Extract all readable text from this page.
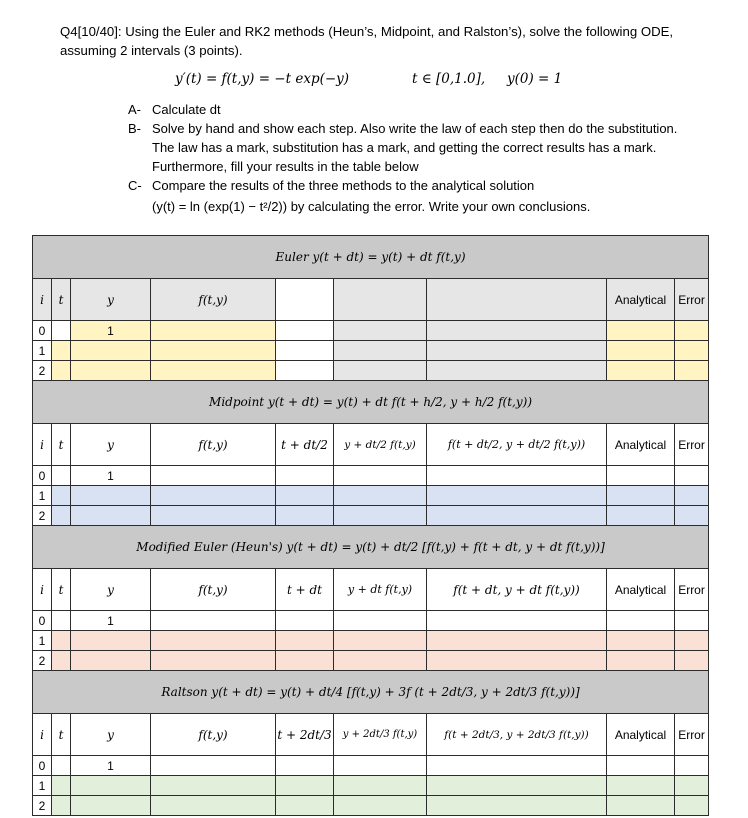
Q4[10/40]: Using the Euler and RK2 methods (Heun’s, Midpoint, and Ralston’s), solve the following ODE, assuming 2 intervals (3 points).
y′(t) = f(t,y) = −t exp(−y)	t ∈ [0,1.0], y(0) = 1
A- Calculate dt
B- Solve by hand and show each step. Also write the law of each step then do the substitution. The law has a mark, substitution has a mark, and getting the correct results has a mark. Furthermore, fill your results in the table below
C- Compare the results of the three methods to the analytical solution
(y(t) = ln (exp(1) − t²/2)) by calculating the error. Write your own conclusions.
Euler y(t + dt) = y(t) + dt f(t,y)								
i	t	y	f(t,y)				Analytical	Error
0		1						
1								
2								
Midpoint y(t + dt) = y(t) + dt f(t + h/2, y + h/2 f(t,y))								
i	t	y	f(t,y)	t + dt/2	y + dt/2 f(t,y)	f(t + dt/2, y + dt/2 f(t,y))	Analytical	Error
0		1						
1								
2								
Modified Euler (Heun's) y(t + dt) = y(t) + dt/2 [f(t,y) + f(t + dt, y + dt f(t,y))]								
i	t	y	f(t,y)	t + dt	y + dt f(t,y)	f(t + dt, y + dt f(t,y))	Analytical	Error
0		1						
1								
2								
Raltson y(t + dt) = y(t) + dt/4 [f(t,y) + 3f (t + 2dt/3, y + 2dt/3 f(t,y))]								
i	t	y	f(t,y)	t + 2dt/3	y + 2dt/3 f(t,y)	f(t + 2dt/3, y + 2dt/3 f(t,y))	Analytical	Error
0		1						
1								
2								
